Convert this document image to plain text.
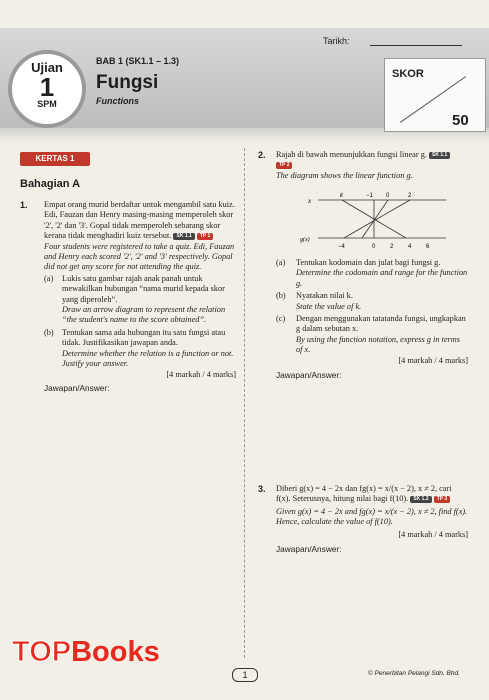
Tarikh:
SKOR
50
Ujian
1
SPM
BAB 1 (SK1.1 – 1.3)
Fungsi
Functions
KERTAS 1
Bahagian A
1. Empat orang murid berdaftar untuk mengambil satu kuiz. Edi, Fauzan dan Henry masing-masing memperoleh skor '2', '2' dan '3'. Gopal tidak memperoleh sebarang skor kerana tidak menghadiri kuiz tersebut. SK 1.1 TP 1
Four students were registered to take a quiz. Edi, Fauzan and Henry each scored '2', '2' and '3' respectively. Gopal did not get any score for not attending the quiz.
(a)	Lukis satu gambar rajah anak panah untuk mewakilkan hubungan “nama murid kepada skor yang diperoleh”.
Draw an arrow diagram to represent the relation “the student's name to the score obtained”.
(b)	Tentukan sama ada hubungan itu satu fungsi atau tidak. Justifikasikan jawapan anda.
Determine whether the relation is a function or not. Justify your answer.
[4 markah / 4 marks]
Jawapan/Answer:
2. Rajah di bawah menunjukkan fungsi linear g. SK 1.1 TP 2
The diagram shows the linear function g.
x
g(x)
k	−1 0	2
−4	0 2 4 6
(a)	Tentukan kodomain dan julat bagi fungsi g.
Determine the codomain and range for the function g.
(b)	Nyatakan nilai k.
State the value of k.
(c)	Dengan menggunakan tatatanda fungsi, ungkapkan g dalam sebutan x.
By using the function notation, express g in terms of x.
[4 markah / 4 marks]
Jawapan/Answer:
3. Diberi g(x) = 4 − 2x dan fg(x) = x/(x − 2), x ≠ 2, cari f(x). Seterusnya, hitung nilai bagi f(10). SK 1.2 TP 3
Given g(x) = 4 − 2x and fg(x) = x/(x − 2), x ≠ 2, find f(x). Hence, calculate the value of f(10).
[4 markah / 4 marks]
Jawapan/Answer:
TOPBooks
1	© Penerbitan Pelangi Sdn. Bhd.
